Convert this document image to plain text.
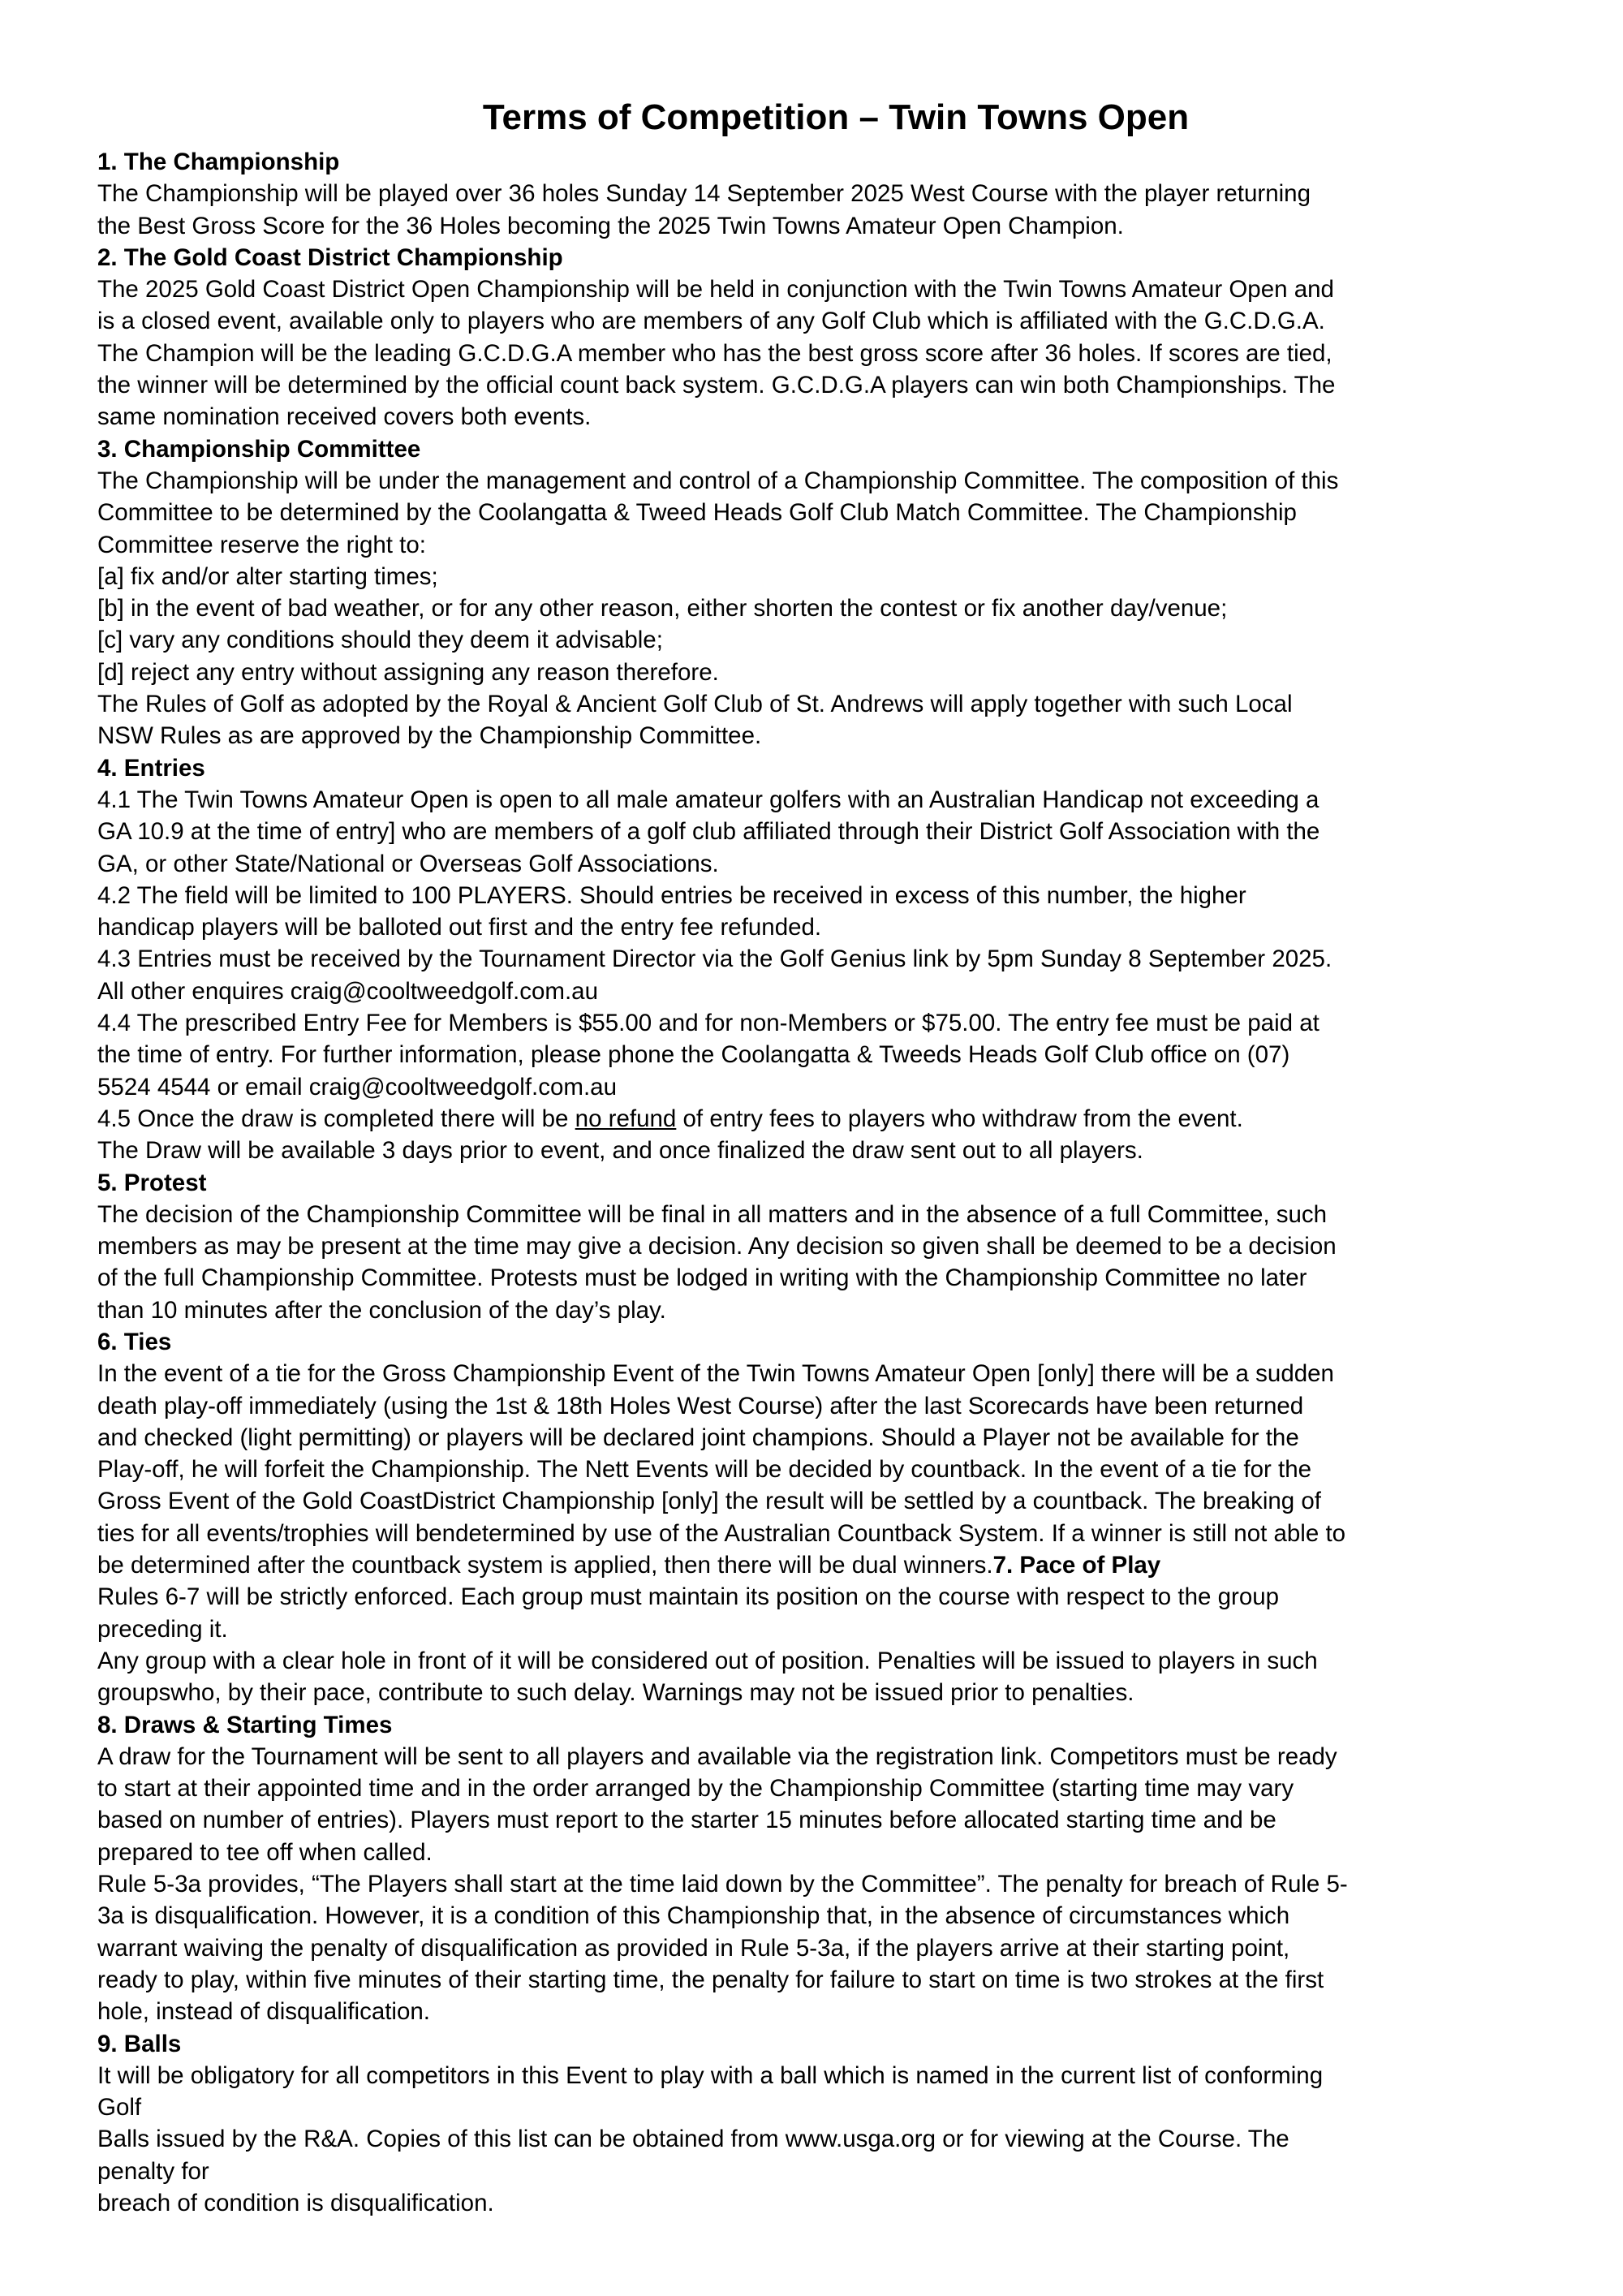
Terms of Competition – Twin Towns Open
1. The Championship
The Championship will be played over 36 holes Sunday 14 September 2025 West Course with the player returning
the Best Gross Score for the 36 Holes becoming the 2025 Twin Towns Amateur Open Champion.
2. The Gold Coast District Championship
The 2025 Gold Coast District Open Championship will be held in conjunction with the Twin Towns Amateur Open and
is a closed event, available only to players who are members of any Golf Club which is affiliated with the G.C.D.G.A.
The Champion will be the leading G.C.D.G.A member who has the best gross score after 36 holes. If scores are tied,
the winner will be determined by the official count back system. G.C.D.G.A players can win both Championships. The
same nomination received covers both events.
3. Championship Committee
The Championship will be under the management and control of a Championship Committee. The composition of this
Committee to be determined by the Coolangatta & Tweed Heads Golf Club Match Committee. The Championship
Committee reserve the right to:
[a] fix and/or alter starting times;
[b] in the event of bad weather, or for any other reason, either shorten the contest or fix another day/venue;
[c] vary any conditions should they deem it advisable;
[d] reject any entry without assigning any reason therefore.
The Rules of Golf as adopted by the Royal & Ancient Golf Club of St. Andrews will apply together with such Local
NSW Rules as are approved by the Championship Committee.
4. Entries
4.1 The Twin Towns Amateur Open is open to all male amateur golfers with an Australian Handicap not exceeding a
GA 10.9 at the time of entry] who are members of a golf club affiliated through their District Golf Association with the
GA, or other State/National or Overseas Golf Associations.
4.2 The field will be limited to 100 PLAYERS. Should entries be received in excess of this number, the higher
handicap players will be balloted out first and the entry fee refunded.
4.3 Entries must be received by the Tournament Director via the Golf Genius link by 5pm Sunday 8 September 2025.
All other enquires craig@cooltweedgolf.com.au
4.4 The prescribed Entry Fee for Members is $55.00 and for non-Members or $75.00. The entry fee must be paid at
the time of entry. For further information, please phone the Coolangatta & Tweeds Heads Golf Club office on (07)
5524 4544 or email craig@cooltweedgolf.com.au
4.5 Once the draw is completed there will be no refund of entry fees to players who withdraw from the event.
The Draw will be available 3 days prior to event, and once finalized the draw sent out to all players.
5. Protest
The decision of the Championship Committee will be final in all matters and in the absence of a full Committee, such
members as may be present at the time may give a decision. Any decision so given shall be deemed to be a decision
of the full Championship Committee. Protests must be lodged in writing with the Championship Committee no later
than 10 minutes after the conclusion of the day’s play.
6. Ties
In the event of a tie for the Gross Championship Event of the Twin Towns Amateur Open [only] there will be a sudden
death play-off immediately (using the 1st & 18th Holes West Course) after the last Scorecards have been returned
and checked (light permitting) or players will be declared joint champions. Should a Player not be available for the
Play-off, he will forfeit the Championship. The Nett Events will be decided by countback. In the event of a tie for the
Gross Event of the Gold CoastDistrict Championship [only] the result will be settled by a countback. The breaking of
ties for all events/trophies will bendetermined by use of the Australian Countback System. If a winner is still not able to
be determined after the countback system is applied, then there will be dual winners.7. Pace of Play
Rules 6-7 will be strictly enforced. Each group must maintain its position on the course with respect to the group
preceding it.
Any group with a clear hole in front of it will be considered out of position. Penalties will be issued to players in such
groupswho, by their pace, contribute to such delay. Warnings may not be issued prior to penalties.
8. Draws & Starting Times
A draw for the Tournament will be sent to all players and available via the registration link. Competitors must be ready
to start at their appointed time and in the order arranged by the Championship Committee (starting time may vary
based on number of entries). Players must report to the starter 15 minutes before allocated starting time and be
prepared to tee off when called.
Rule 5-3a provides, “The Players shall start at the time laid down by the Committee”. The penalty for breach of Rule 5-
3a is disqualification. However, it is a condition of this Championship that, in the absence of circumstances which
warrant waiving the penalty of disqualification as provided in Rule 5-3a, if the players arrive at their starting point,
ready to play, within five minutes of their starting time, the penalty for failure to start on time is two strokes at the first
hole, instead of disqualification.
9. Balls
It will be obligatory for all competitors in this Event to play with a ball which is named in the current list of conforming
Golf
Balls issued by the R&A. Copies of this list can be obtained from www.usga.org or for viewing at the Course. The
penalty for
breach of condition is disqualification.
